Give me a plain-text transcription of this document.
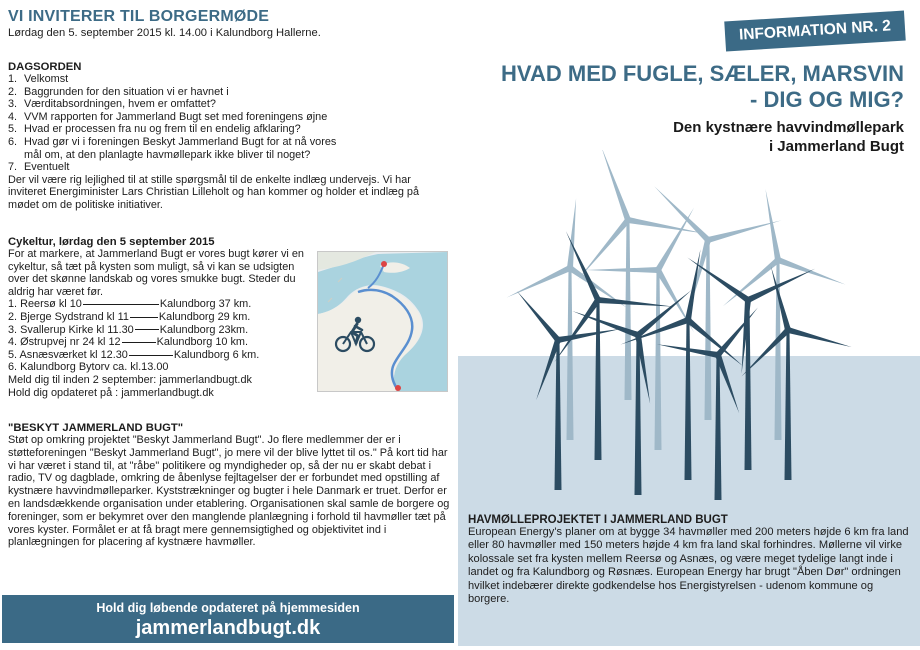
VI INVITERER TIL BORGERMØDE
Lørdag den 5. september 2015 kl. 14.00 i Kalundborg Hallerne.
DAGSORDEN
1. Velkomst
2. Baggrunden for den situation vi er havnet i
3. Værditabsordningen, hvem er omfattet?
4. VVM rapporten for Jammerland Bugt set med foreningens øjne
5. Hvad er processen fra nu og frem til en endelig afklaring?
6. Hvad gør vi i foreningen Beskyt Jammerland Bugt for at nå vores mål om, at den planlagte havmøllepark ikke bliver til noget?
7. Eventuelt
Der vil være rig lejlighed til at stille spørgsmål til de enkelte indlæg undervejs. Vi har inviteret Energiminister Lars Christian Lilleholt og han kommer og holder et indlæg på mødet om de politiske initiativer.
Cykeltur, lørdag den 5 september 2015
For at markere, at Jammerland Bugt er vores bugt kører vi en cykeltur, så tæt på kysten som muligt, så vi kan se udsigten over det skønne landskab og vores smukke bugt. Steder du aldrig har været før.
1. Reersø kl 10	Kalundborg 37 km.
2. Bjerge Sydstrand kl 11	Kalundborg 29 km.
3. Svallerup Kirke kl 11.30 Kalundborg 23km.
4. Østrupvej nr 24 kl 12	Kalundborg 10 km.
5. Asnæsværket kl 12.30	Kalundborg 6 km.
6. Kalundborg Bytorv ca. kl.13.00
Meld dig til inden 2 september: jammerlandbugt.dk
Hold dig opdateret på : jammerlandbugt.dk
"BESKYT JAMMERLAND BUGT"
Støt op omkring projektet "Beskyt Jammerland Bugt". Jo flere medlemmer der er i støtteforeningen "Beskyt Jammerland Bugt", jo mere vil der blive lyttet til os." På kort tid har vi har været i stand til, at "råbe" politikere og myndigheder op, så der nu er skabt debat i radio, TV og dagblade, omkring de åbenlyse fejltagelser der er forbundet med opstilling af kystnære havvindmølleparker. Kyststrækninger og bugter i hele Danmark er truet. Derfor er en landsdækkende organisation under etablering. Organisationen skal samle de borgere og foreninger, som er bekymret over den manglende planlægning i forhold til havmøller tæt på vores kyster. Formålet er at få bragt mere gennemsigtighed og objektivitet ind i planlægningen for placering af kystnære havmøller.
Hold dig løbende opdateret på hjemmesiden
jammerlandbugt.dk
INFORMATION NR. 2
HVAD MED FUGLE, SÆLER, MARSVIN
- DIG OG MIG?
Den kystnære havvindmøllepark
i Jammerland Bugt
HAVMØLLEPROJEKTET I JAMMERLAND BUGT
European Energy's planer om at bygge 34 havmøller med 200 meters højde 6 km fra land eller 80 havmøller med 150 meters højde 4 km fra land skal forhindres. Møllerne vil virke kolossale set fra kysten mellem Reersø og Asnæs, og være meget tydelige langt inde i landet og fra Kalundborg og Røsnæs. European Energy har brugt "Åben Dør" ordningen hvilket indebærer direkte godkendelse hos Energistyrelsen - udenom kommune og borgere.
